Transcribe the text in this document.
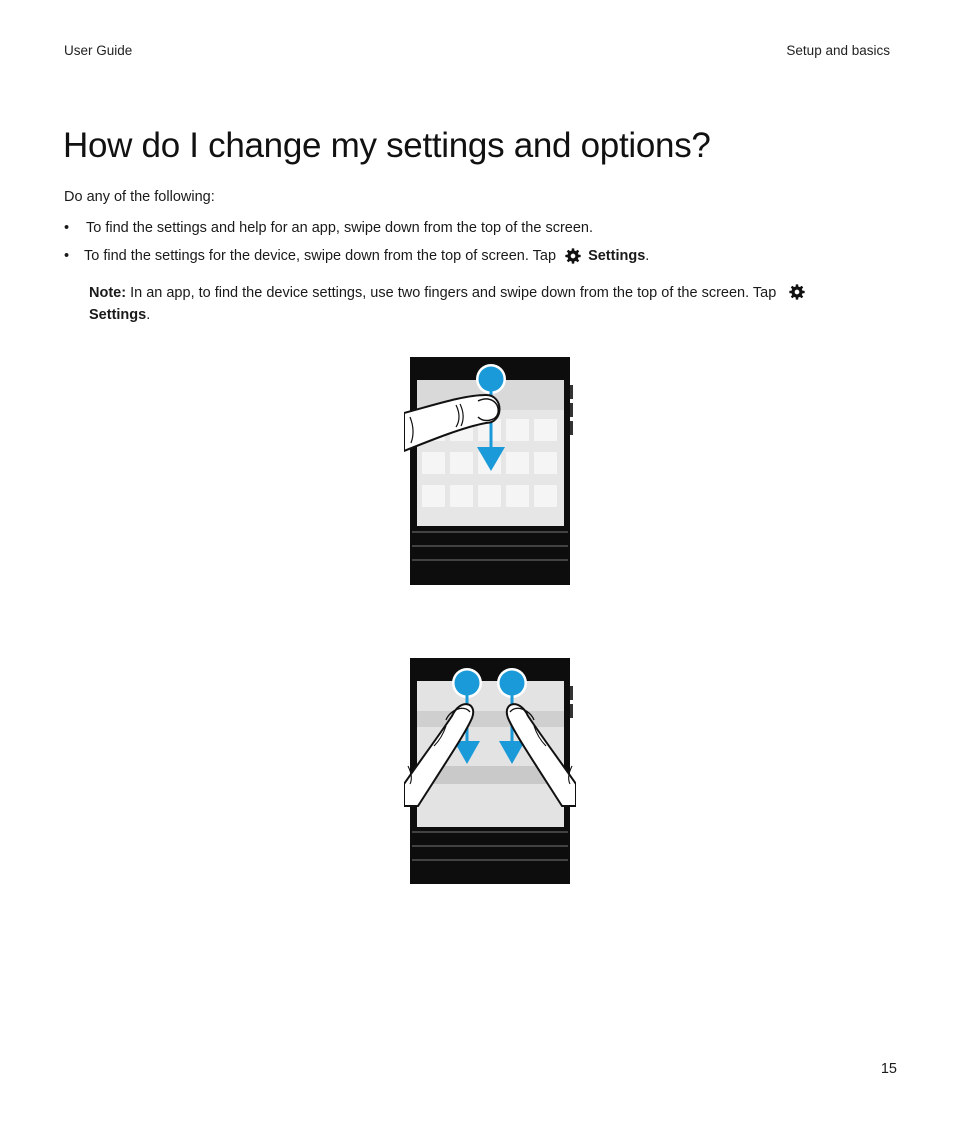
User Guide	Setup and basics
How do I change my settings and options?

Do any of the following:

•	To find the settings and help for an app, swipe down from the top of the screen.
•	To find the settings for the device, swipe down from the top of screen. Tap Settings .
Note: In an app, to find the device settings, use two fingers and swipe down from the top of the screen. Tap
Settings.
15
